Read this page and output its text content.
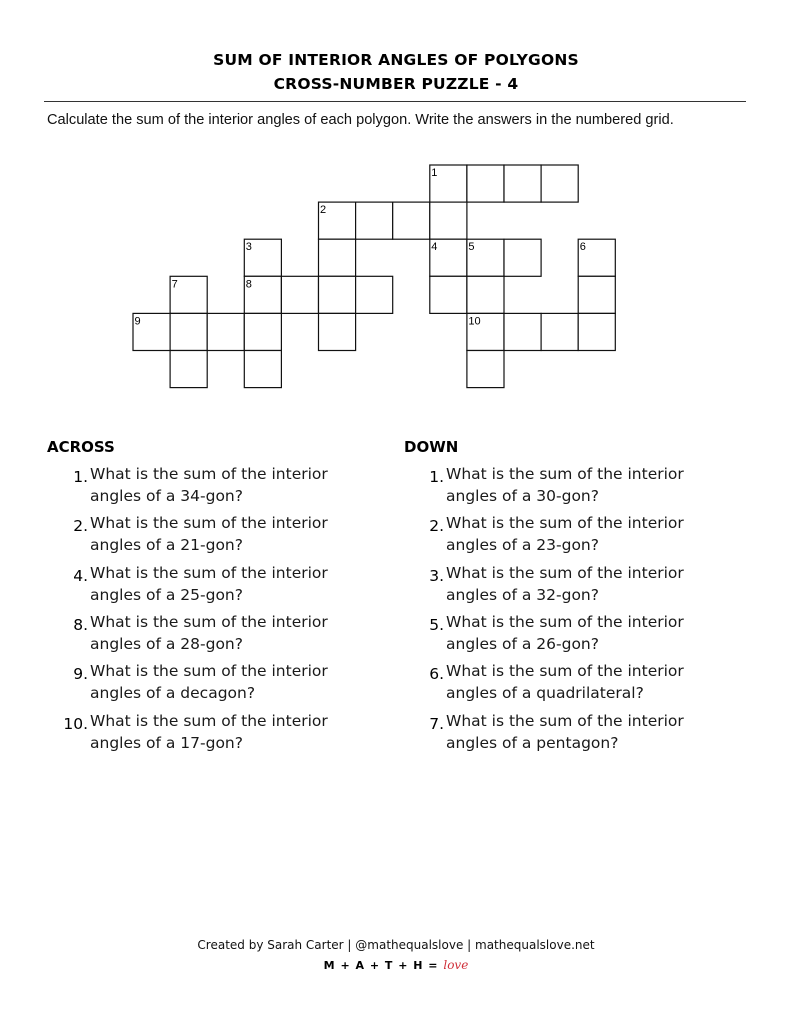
SUM OF INTERIOR ANGLES OF POLYGONS
CROSS-NUMBER PUZZLE - 4
Calculate the sum of the interior angles of each polygon. Write the answers in the numbered grid.
1
2
3	4	5	6
7	8
9	10
ACROSS	DOWN
1. What is the sum of the interior angles of a 34-gon?
2. What is the sum of the interior angles of a 21-gon?
4. What is the sum of the interior angles of a 25-gon?
8. What is the sum of the interior angles of a 28-gon?
9. What is the sum of the interior angles of a decagon?
10. What is the sum of the interior angles of a 17-gon?
1. What is the sum of the interior angles of a 30-gon?
2. What is the sum of the interior angles of a 23-gon?
3. What is the sum of the interior angles of a 32-gon?
5. What is the sum of the interior angles of a 26-gon?
6. What is the sum of the interior angles of a quadrilateral?
7. What is the sum of the interior angles of a pentagon?
Created by Sarah Carter | @mathequalslove | mathequalslove.net
M + A + T + H = love
